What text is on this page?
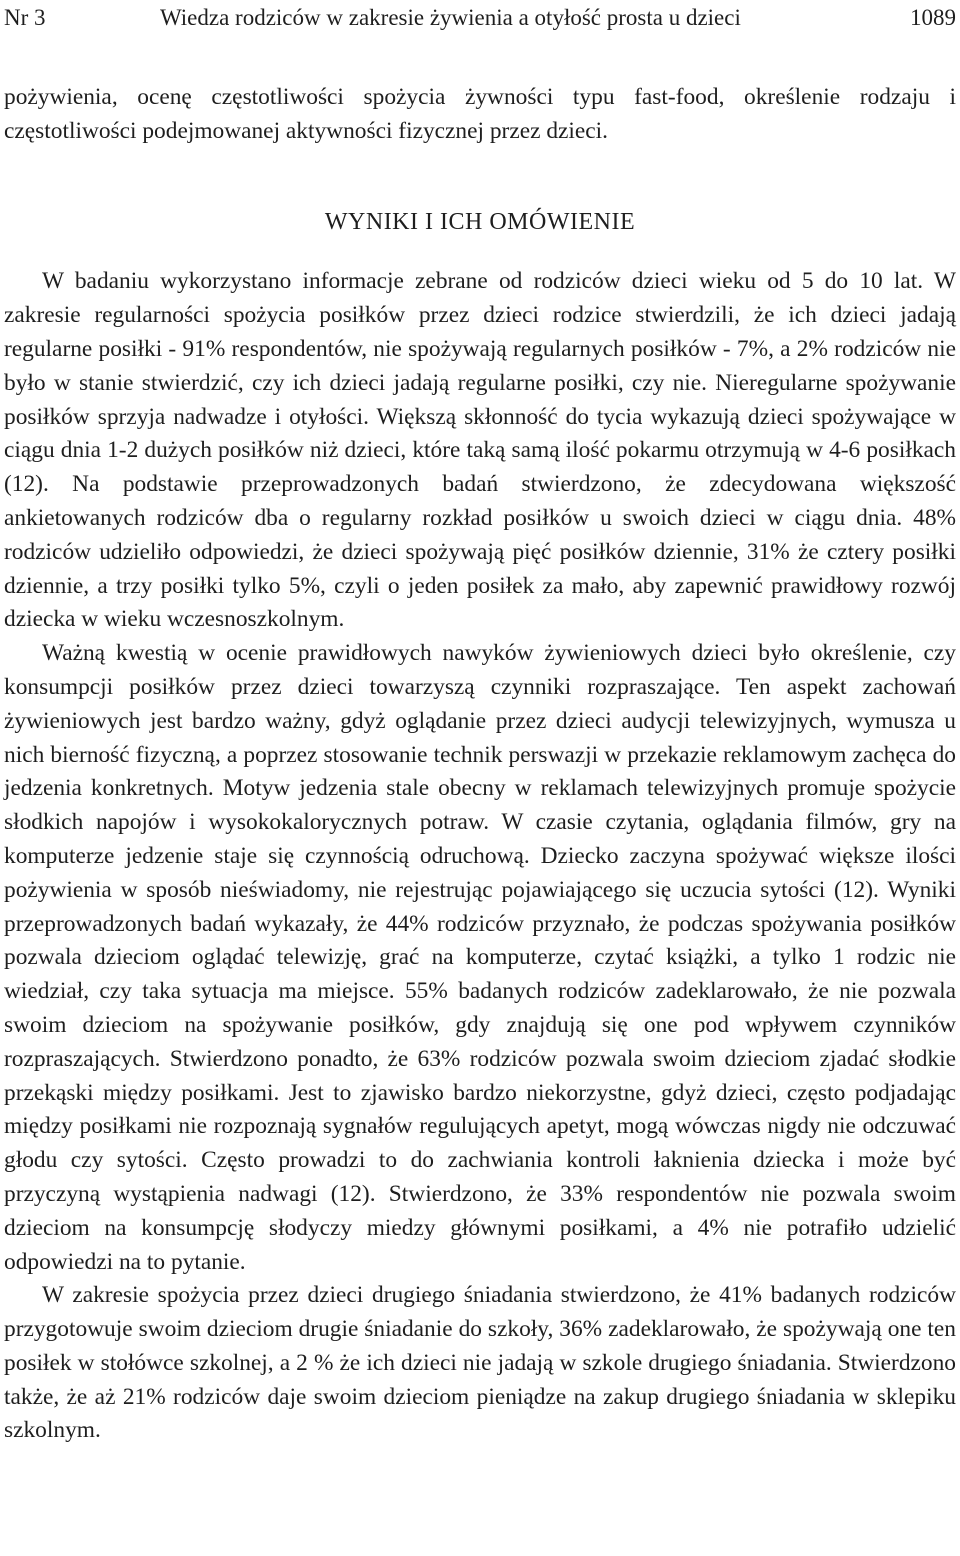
Nr 3	Wiedza rodziców w zakresie żywienia a otyłość prosta u dzieci	1089

pożywienia, ocenę częstotliwości spożycia żywności typu fast-food, określenie rodzaju i częstotliwości podejmowanej aktywności fizycznej przez dzieci.

WYNIKI I ICH OMÓWIENIE

W badaniu wykorzystano informacje zebrane od rodziców dzieci wieku od 5 do 10 lat. W zakresie regularności spożycia posiłków przez dzieci rodzice stwierdzili, że ich dzieci jadają regularne posiłki - 91% respondentów, nie spożywają regularnych posiłków - 7%, a 2% rodziców nie było w stanie stwierdzić, czy ich dzieci jadają regularne posiłki, czy nie. Nieregularne spożywanie posiłków sprzyja nadwadze i otyłości. Większą skłonność do tycia wykazują dzieci spożywające w ciągu dnia 1-2 dużych posiłków niż dzieci, które taką samą ilość pokarmu otrzymują w 4-6 posiłkach (12). Na podstawie przeprowadzonych badań stwierdzono, że zdecydowana większość ankietowanych rodziców dba o regularny rozkład posiłków u swoich dzieci w ciągu dnia. 48% rodziców udzieliło odpowiedzi, że dzieci spożywają pięć posiłków dziennie, 31% że cztery posiłki dziennie, a trzy posiłki tylko 5%, czyli o jeden posiłek za mało, aby zapewnić prawidłowy rozwój dziecka w wieku wczesnoszkolnym.

Ważną kwestią w ocenie prawidłowych nawyków żywieniowych dzieci było określenie, czy konsumpcji posiłków przez dzieci towarzyszą czynniki rozpraszające. Ten aspekt zachowań żywieniowych jest bardzo ważny, gdyż oglądanie przez dzieci audycji telewizyjnych, wymusza u nich bierność fizyczną, a poprzez stosowanie technik perswazji w przekazie reklamowym zachęca do jedzenia konkretnych. Motyw jedzenia stale obecny w reklamach telewizyjnych promuje spożycie słodkich napojów i wysokokalorycznych potraw. W czasie czytania, oglądania filmów, gry na komputerze jedzenie staje się czynnością odruchową. Dziecko zaczyna spożywać większe ilości pożywienia w sposób nieświadomy, nie rejestrując pojawiającego się uczucia sytości (12). Wyniki przeprowadzonych badań wykazały, że 44% rodziców przyznało, że podczas spożywania posiłków pozwala dzieciom oglądać telewizję, grać na komputerze, czytać książki, a tylko 1 rodzic nie wiedział, czy taka sytuacja ma miejsce. 55% badanych rodziców zadeklarowało, że nie pozwala swoim dzieciom na spożywanie posiłków, gdy znajdują się one pod wpływem czynników rozpraszających. Stwierdzono ponadto, że 63% rodziców pozwala swoim dzieciom zjadać słodkie przekąski między posiłkami. Jest to zjawisko bardzo niekorzystne, gdyż dzieci, często podjadając między posiłkami nie rozpoznają sygnałów regulujących apetyt, mogą wówczas nigdy nie odczuwać głodu czy sytości. Często prowadzi to do zachwiania kontroli łaknienia dziecka i może być przyczyną wystąpienia nadwagi (12). Stwierdzono, że 33% respondentów nie pozwala swoim dzieciom na konsumpcję słodyczy miedzy głównymi posiłkami, a 4% nie potrafiło udzielić odpowiedzi na to pytanie.

W zakresie spożycia przez dzieci drugiego śniadania stwierdzono, że 41% badanych rodziców przygotowuje swoim dzieciom drugie śniadanie do szkoły, 36% zadeklarowało, że spożywają one ten posiłek w stołówce szkolnej, a 2 % że ich dzieci nie jadają w szkole drugiego śniadania. Stwierdzono także, że aż 21% rodziców daje swoim dzieciom pieniądze na zakup drugiego śniadania w sklepiku szkolnym.
